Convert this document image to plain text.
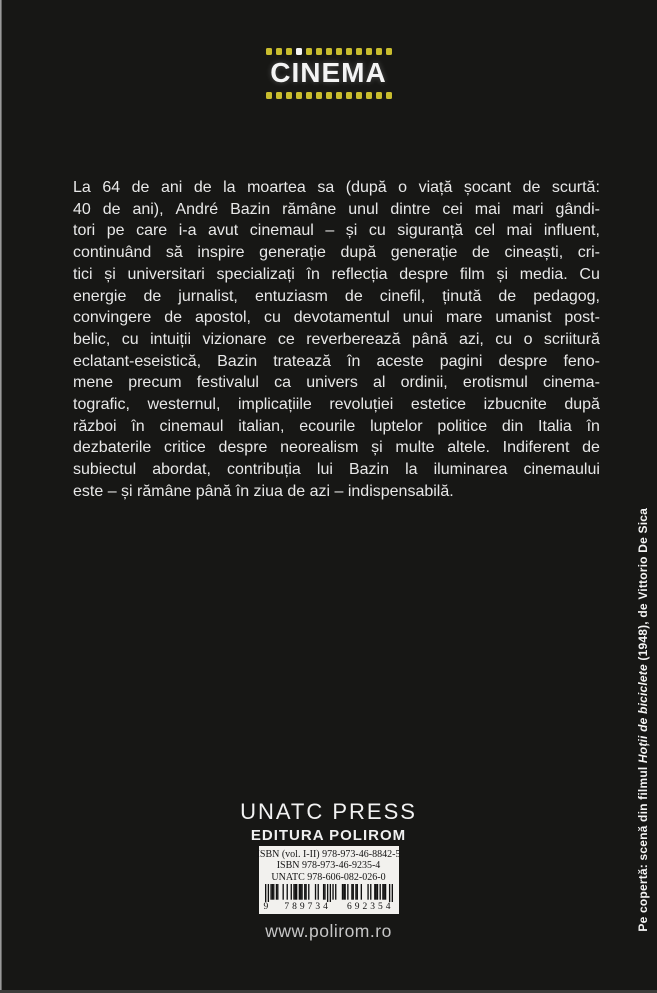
CINEMA
La 64 de ani de la moartea sa (după o viață șocant de scurtă:
40 de ani), André Bazin rămâne unul dintre cei mai mari gândi-
tori pe care i-a avut cinemaul – și cu siguranță cel mai influent,
continuând să inspire generație după generație de cineaști, cri-
tici și universitari specializați în reflecția despre film și media. Cu
energie de jurnalist, entuziasm de cinefil, ținută de pedagog,
convingere de apostol, cu devotamentul unui mare umanist post-
belic, cu intuiții vizionare ce reverberează până azi, cu o scriitură
eclatant-eseistică, Bazin tratează în aceste pagini despre feno-
mene precum festivalul ca univers al ordinii, erotismul cinema-
tografic, westernul, implicațiile revoluției estetice izbucnite după
război în cinemaul italian, ecourile luptelor politice din Italia în
dezbaterile critice despre neorealism și multe altele. Indiferent de
subiectul abordat, contribuția lui Bazin la iluminarea cinemaului
este – și rămâne până în ziua de azi – indispensabilă.
UNATC PRESS
EDITURA POLIROM
ISBN (vol. I-II) 978-973-46-8842-5
ISBN 978-973-46-9235-4
UNATC 978-606-082-026-0
9 789734 692354
www.polirom.ro	Pe copertă: scenă din filmul Hoții de biciclete (1948), de Vittorio De Sica
